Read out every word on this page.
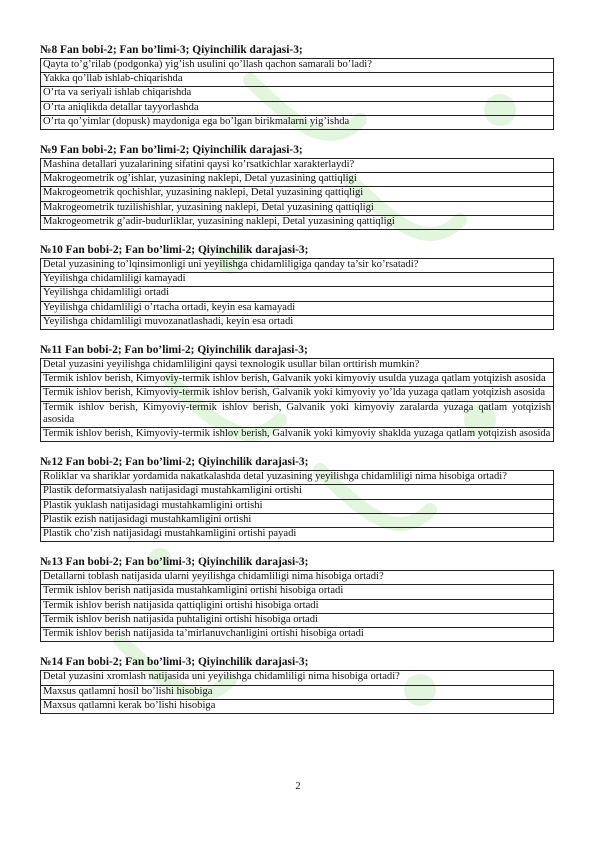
№8 Fan bobi-2; Fan bo’limi-3; Qiyinchilik darajasi-3;
Qayta to’g’rilab (podgonka) yig’ish usulini qo’llash qachon samarali bo’ladi?
Yakka qo’llab ishlab-chiqarishda
O’rta va seriyali ishlab chiqarishda
O’rta aniqlikda detallar tayyorlashda
O’rta qo’yimlar (dopusk) maydoniga ega bo’lgan birikmalarni yig’ishda
№9 Fan bobi-2; Fan bo’limi-2; Qiyinchilik darajasi-3;
Mashina detallari yuzalarining sifatini qaysi ko’rsatkichlar xarakterlaydi?
Makrogeometrik og’ishlar, yuzasining naklepi, Detal yuzasining qattiqligi
Makrogeometrik qochishlar, yuzasining naklepi, Detal yuzasining qattiqligi
Makrogeometrik tuzilishishlar, yuzasining naklepi, Detal yuzasining qattiqligi
Makrogeometrik g’adir-budurliklar, yuzasining naklepi, Detal yuzasining qattiqligi
№10 Fan bobi-2; Fan bo’limi-2; Qiyinchilik darajasi-3;
Detal yuzasining to’lqinsimonligi uni yeyilishga chidamliligiga qanday ta’sir ko’rsatadi?
Yeyilishga chidamliligi kamayadi
Yeyilishga chidamliligi ortadi
Yeyilishga chidamliligi o’rtacha ortadi, keyin esa kamayadi
Yeyilishga chidamliligi muvozanatlashadi, keyin esa ortadi
№11 Fan bobi-2; Fan bo’limi-2; Qiyinchilik darajasi-3;
Detal yuzasini yeyilishga chidamliligini qaysi texnologik usullar bilan orttirish mumkin?
Termik ishlov berish, Kimyoviy-termik ishlov berish, Galvanik yoki kimyoviy usulda yuzaga qatlam yotqizish asosida
Termik ishlov berish, Kimyoviy-termik ishlov berish, Galvanik yoki kimyoviy yo’lda yuzaga qatlam yotqizish asosida
Termik ishlov berish, Kimyoviy-termik ishlov berish, Galvanik yoki kimyoviy zaralarda yuzaga qatlam yotqizish asosida
Termik ishlov berish, Kimyoviy-termik ishlov berish, Galvanik yoki kimyoviy shaklda yuzaga qatlam yotqizish asosida
№12 Fan bobi-2; Fan bo’limi-2; Qiyinchilik darajasi-3;
Roliklar va shariklar yordamida nakatkalashda detal yuzasining yeyilishga chidamliligi nima hisobiga ortadi?
Plastik deformatsiyalash natijasidagi mustahkamligini ortishi
Plastik yuklash natijasidagi mustahkamligini ortishi
Plastik ezish natijasidagi mustahkamligini ortishi
Plastik cho’zish natijasidagi mustahkamligini ortishi payadi
№13 Fan bobi-2; Fan bo’limi-3; Qiyinchilik darajasi-3;
Detallarni toblash natijasida ularni yeyilishga chidamliligi nima hisobiga ortadi?
Termik ishlov berish natijasida mustahkamligini ortishi hisobiga ortadi
Termik ishlov berish natijasida qattiqligini ortishi hisobiga ortadi
Termik ishlov berish natijasida puhtaligini ortishi hisobiga ortadi
Termik ishlov berish natijasida ta’mirlanuvchanligini ortishi hisobiga ortadi
№14 Fan bobi-2; Fan bo’limi-3; Qiyinchilik darajasi-3;
Detal yuzasini xromlash natijasida uni yeyilishga chidamliligi nima hisobiga ortadi?
Maxsus qatlamni hosil bo’lishi hisobiga
Maxsus qatlamni kerak bo’lishi hisobiga
2
